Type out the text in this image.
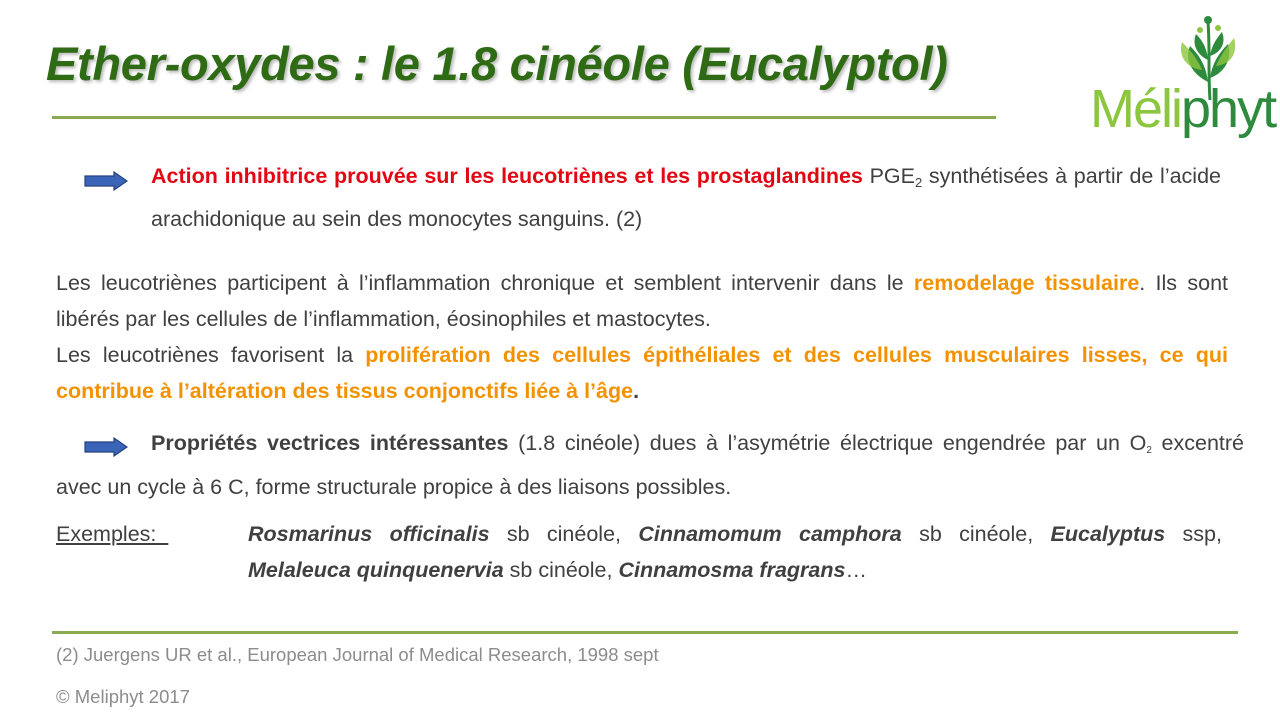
Ether-oxydes : le 1.8 cinéole (Eucalyptol)
Méliphyt
Action inhibitrice prouvée sur les leucotriènes et les prostaglandines $PGE_2$ synthétisées à partir de l’acide arachidonique au sein des monocytes sanguins. (2)
Les leucotriènes participent à l’inflammation chronique et semblent intervenir dans le remodelage tissulaire. Ils sont libérés par les cellules de l’inflammation, éosinophiles et mastocytes.
Les leucotriènes favorisent la prolifération des cellules épithéliales et des cellules musculaires lisses, ce qui contribue à l’altération des tissus conjonctifs liée à l’âge.
Propriétés vectrices intéressantes (1.8 cinéole) dues à l’asymétrie électrique engendrée par un $O_2$ excentré avec un cycle à 6 C, forme structurale propice à des liaisons possibles.
Exemples:	Rosmarinus officinalis sb cinéole, Cinnamomum camphora sb cinéole, Eucalyptus ssp, Melaleuca quinquenervia sb cinéole, Cinnamosma fragrans…
(2) Juergens UR et al., European Journal of Medical Research, 1998 sept
© Meliphyt 2017
